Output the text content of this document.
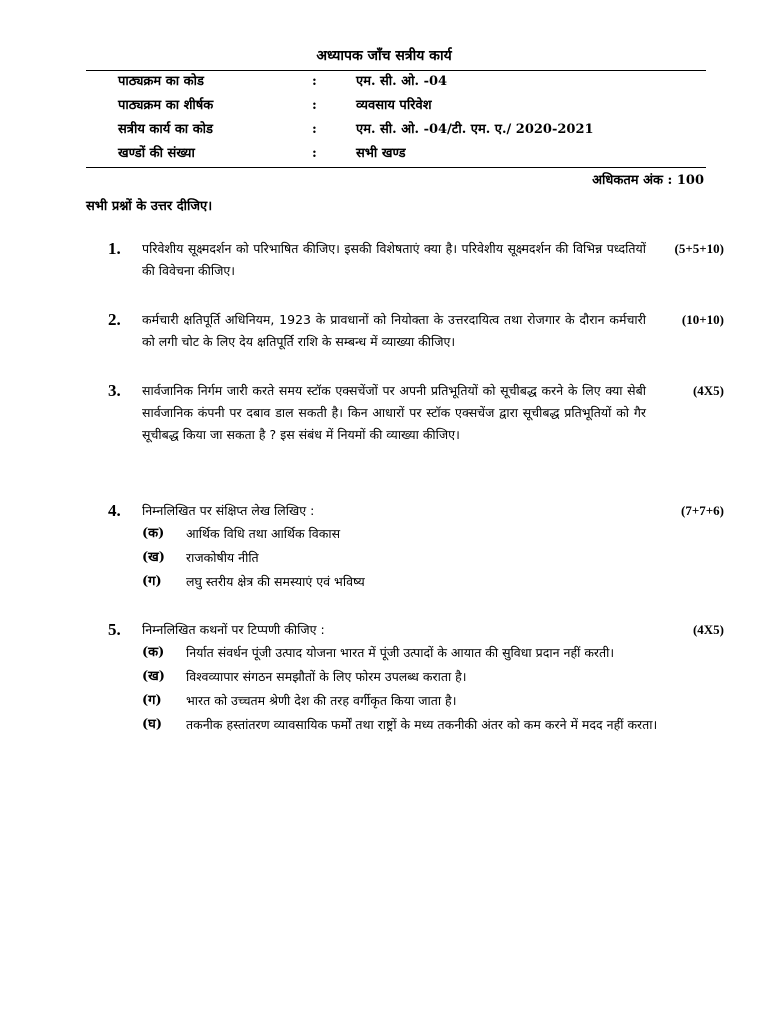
अध्यापक जाँच सत्रीय कार्य
पाठ्यक्रम का कोड	:	एम. सी. ओ. -04
पाठ्यक्रम का शीर्षक	:	व्यवसाय परिवेश
सत्रीय कार्य का कोड	:	एम. सी. ओ. -04/टी. एम. ए./ 2020-2021
खण्डों की संख्या	:	सभी खण्ड
अधिकतम अंक : 100
सभी प्रश्नों के उत्तर दीजिए।
1. परिवेशीय सूक्ष्मदर्शन को परिभाषित कीजिए। इसकी विशेषताएं क्या है। परिवेशीय सूक्ष्मदर्शन की विभिन्न पध्दतियों की विवेचना कीजिए।
(5+5+10)
2. कर्मचारी क्षतिपूर्ति अधिनियम, 1923 के प्रावधानों को नियोक्ता के उत्तरदायित्व तथा रोजगार के दौरान कर्मचारी को लगी चोट के लिए देय क्षतिपूर्ति राशि के सम्बन्ध में व्याख्या कीजिए।
(10+10)
3. सार्वजानिक निर्गम जारी करते समय स्टॉक एक्सचेंजों पर अपनी प्रतिभूतियों को सूचीबद्ध करने के लिए क्या सेबी सार्वजानिक कंपनी पर दबाव डाल सकती है। किन आधारों पर स्टॉक एक्सचेंज द्वारा सूचीबद्ध प्रतिभूतियों को गैर सूचीबद्ध किया जा सकता है ? इस संबंध में नियमों की व्याख्या कीजिए।
(4X5)
4. निम्नलिखित पर संक्षिप्त लेख लिखिए :	(7+7+6)
(क) आर्थिक विधि तथा आर्थिक विकास
(ख) राजकोषीय नीति
(ग) लघु स्तरीय क्षेत्र की समस्याएं एवं भविष्य
5. निम्नलिखित कथनों पर टिप्पणी कीजिए :	(4X5)
(क) निर्यात संवर्धन पूंजी उत्पाद योजना भारत में पूंजी उत्पादों के आयात की सुविधा प्रदान नहीं करती।
(ख) विश्वव्यापार संगठन समझौतों के लिए फोरम उपलब्ध कराता है।
(ग) भारत को उच्चतम श्रेणी देश की तरह वर्गीकृत किया जाता है।
(घ) तकनीक हस्तांतरण व्यावसायिक फर्मों तथा राष्ट्रों के मध्य तकनीकी अंतर को कम करने में मदद नहीं करता।
